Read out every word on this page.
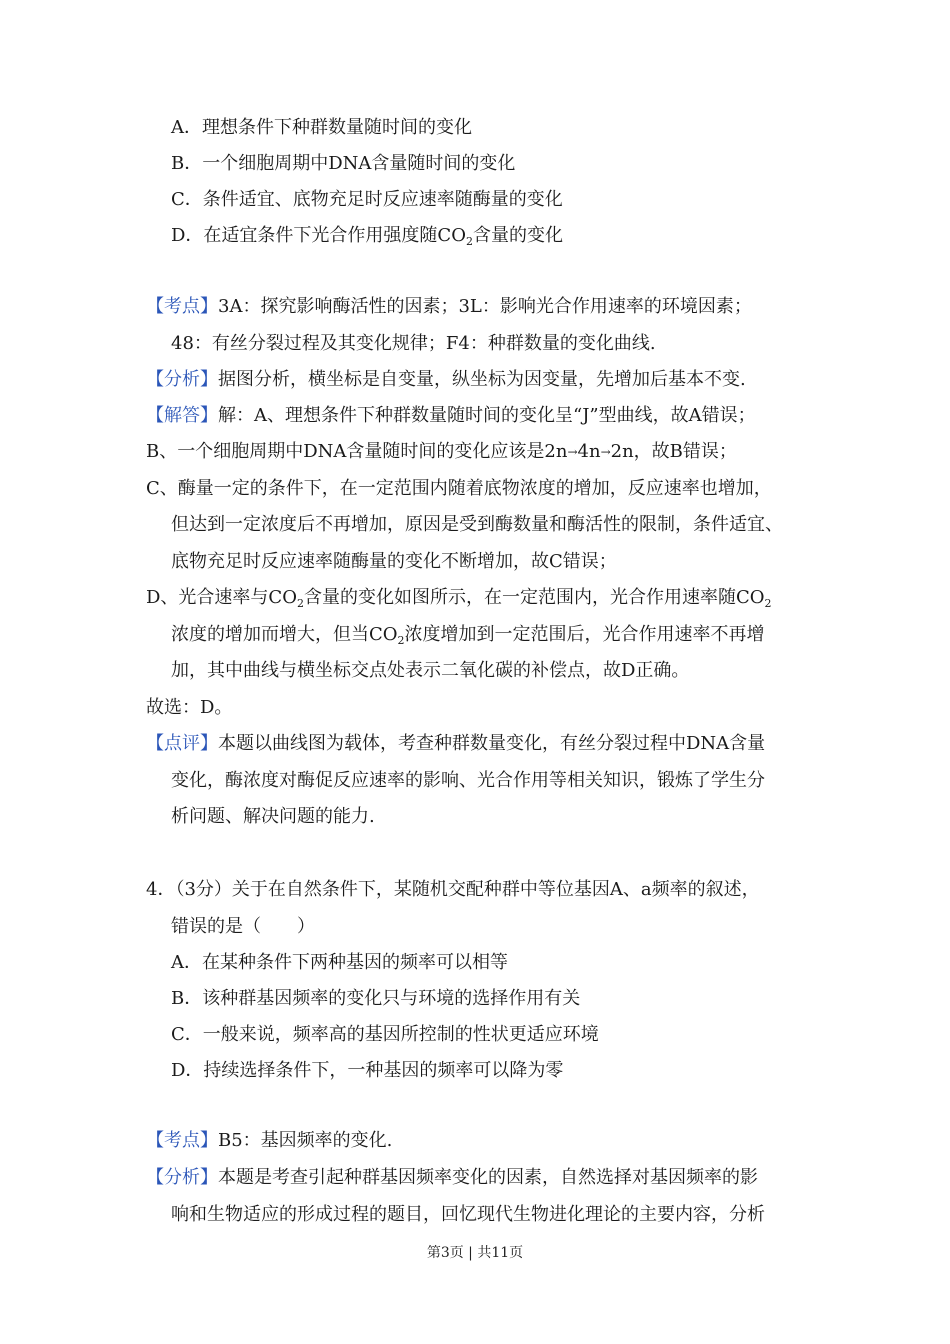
A．理想条件下种群数量随时间的变化
B．一个细胞周期中DNA含量随时间的变化
C．条件适宜、底物充足时反应速率随酶量的变化
D．在适宜条件下光合作用强度随$CO_2$含量的变化
【考点】3A：探究影响酶活性的因素；3L：影响光合作用速率的环境因素；
48：有丝分裂过程及其变化规律；F4：种群数量的变化曲线.
【分析】据图分析，横坐标是自变量，纵坐标为因变量，先增加后基本不变.
【解答】解：A、理想条件下种群数量随时间的变化呈“J”型曲线，故A错误；
B、一个细胞周期中DNA含量随时间的变化应该是2n→4n→2n，故B错误；
C、酶量一定的条件下，在一定范围内随着底物浓度的增加，反应速率也增加，
但达到一定浓度后不再增加，原因是受到酶数量和酶活性的限制，条件适宜、
底物充足时反应速率随酶量的变化不断增加，故C错误；
D、光合速率与$CO_2$含量的变化如图所示，在一定范围内，光合作用速率随$CO_2$
浓度的增加而增大，但当$CO_2$浓度增加到一定范围后，光合作用速率不再增
加，其中曲线与横坐标交点处表示二氧化碳的补偿点，故D正确。
故选：D。
【点评】本题以曲线图为载体，考查种群数量变化，有丝分裂过程中DNA含量
变化，酶浓度对酶促反应速率的影响、光合作用等相关知识，锻炼了学生分
析问题、解决问题的能力.
4．（3分）关于在自然条件下，某随机交配种群中等位基因A、a频率的叙述，
错误的是（　　）
A．在某种条件下两种基因的频率可以相等
B．该种群基因频率的变化只与环境的选择作用有关
C．一般来说，频率高的基因所控制的性状更适应环境
D．持续选择条件下，一种基因的频率可以降为零
【考点】B5：基因频率的变化.
【分析】本题是考查引起种群基因频率变化的因素，自然选择对基因频率的影
响和生物适应的形成过程的题目，回忆现代生物进化理论的主要内容，分析
第3页 | 共11页
